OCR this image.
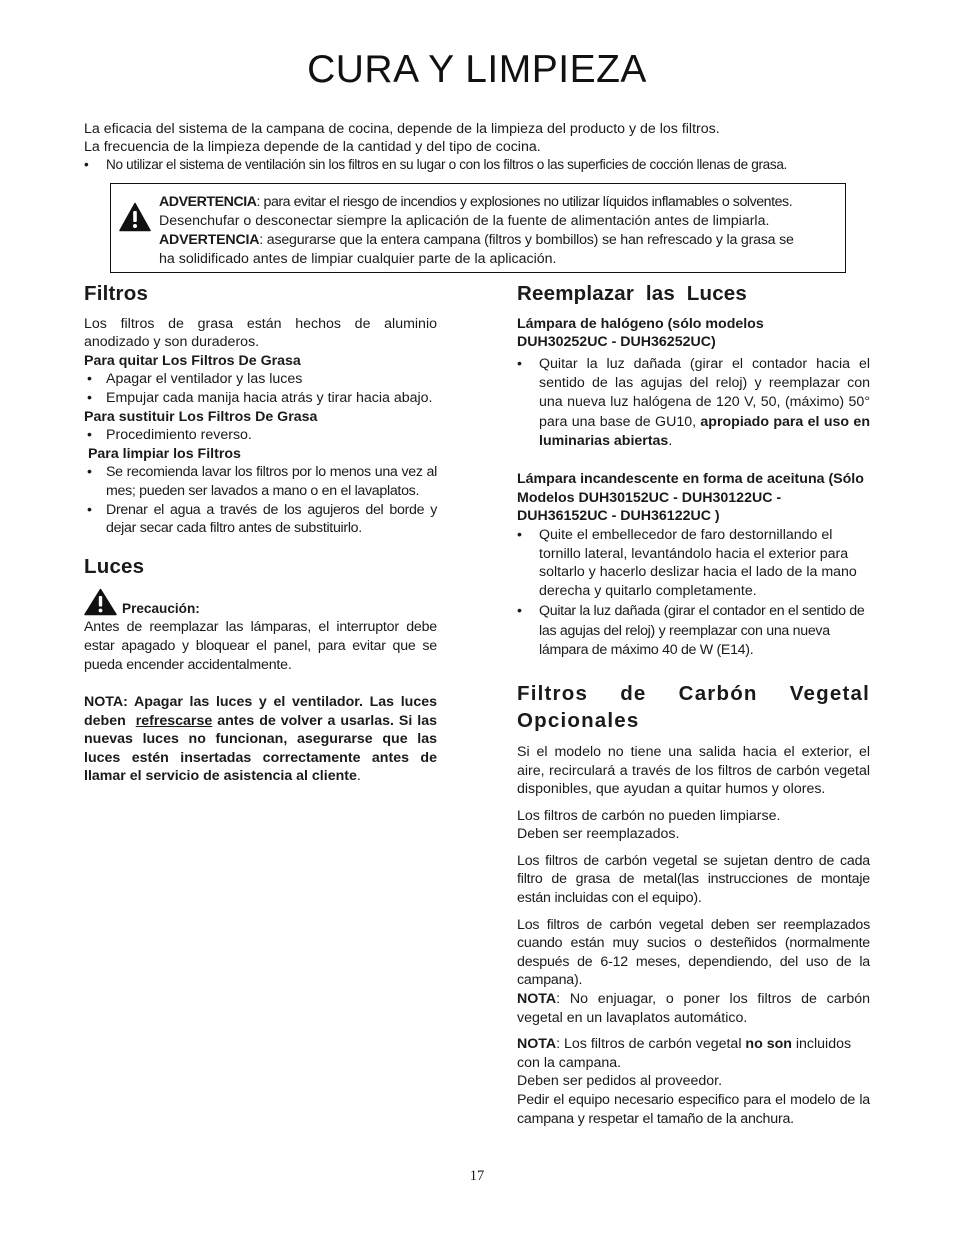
CURA Y LIMPIEZA

La eficacia del sistema de la campana de cocina, depende de la limpieza del producto y de los filtros.

La frecuencia de la limpieza depende de la cantidad y del tipo de cocina.

• No utilizar el sistema de ventilación sin los filtros en su lugar o con los filtros o las superficies de cocción llenas de grasa.

ADVERTENCIA: para evitar el riesgo de incendios y explosiones no utilizar líquidos inflamables o solventes.

Desenchufar o desconectar siempre la aplicación de la fuente de alimentación antes de limpiarla.

ADVERTENCIA: asegurarse que la entera campana (filtros y bombillos) se han refrescado y la grasa se

ha solidificado antes de limpiar cualquier parte de la aplicación.

Filtros

Los filtros de grasa están hechos de aluminio anodizado y son duraderos.

Para quitar Los Filtros De Grasa

• Apagar el ventilador y las luces
• Empujar cada manija hacia atrás y tirar hacia abajo.

Para sustituir Los Filtros De Grasa

• Procedimiento reverso.

Para limpiar los Filtros

• Se recomienda lavar los filtros por lo menos una vez al mes; pueden ser lavados a mano o en el lavaplatos.
• Drenar el agua a través de los agujeros del borde y dejar secar cada filtro antes de substituirlo.
Luces
Precaución:

Antes de reemplazar las lámparas, el interruptor debe estar apagado y bloquear el panel, para evitar que se pueda encender accidentalmente.

NOTA: Apagar las luces y el ventilador. Las luces deben  refrescarse antes de volver a usarlas. Si las nuevas luces no funcionan, asegurarse que las luces estén insertadas correctamente antes de llamar el servicio de asistencia al cliente.

Reemplazar  las  Luces

Lámpara de halógeno (sólo modelos DUH30252UC - DUH36252UC)

• Quitar la luz dañada (girar el contador hacia el sentido de las agujas del reloj) y reemplazar con una nueva luz halógena de 120 V, 50, (máximo) 50° para una base de GU10, apropiado para el uso en luminarias abiertas.

Lámpara incandescente en forma de aceituna (Sólo Modelos DUH30152UC - DUH30122UC - DUH36152UC - DUH36122UC )

• Quite el embellecedor de faro destornillando el tornillo lateral, levantándolo hacia el exterior para soltarlo y hacerlo deslizar hacia el lado de la mano derecha y quitarlo completamente.
• Quitar la luz dañada (girar el contador en el sentido de las agujas del reloj) y reemplazar con una nueva lámpara de máximo 40 de W (E14).
Filtros de Carbón Vegetal Opcionales

Si el modelo no tiene una salida hacia el exterior, el aire, recirculará a través de los filtros de carbón vegetal disponibles, que ayudan a quitar humos y olores.

Los filtros de carbón no pueden limpiarse.

Deben ser reemplazados.

Los filtros de carbón vegetal se sujetan dentro de cada filtro de grasa de metal(las instrucciones de montaje están incluidas con el equipo).

Los filtros de carbón vegetal deben ser reemplazados cuando están muy sucios o desteñidos (normalmente después de 6-12 meses, dependiendo, del uso de la campana).

NOTA: No enjuagar, o poner los filtros de carbón vegetal en un lavaplatos automático.

NOTA: Los filtros de carbón vegetal no son incluidos con la campana.

Deben ser pedidos al proveedor.

Pedir el equipo necesario especifico para el modelo de la campana y respetar el tamaño de la anchura.

17
